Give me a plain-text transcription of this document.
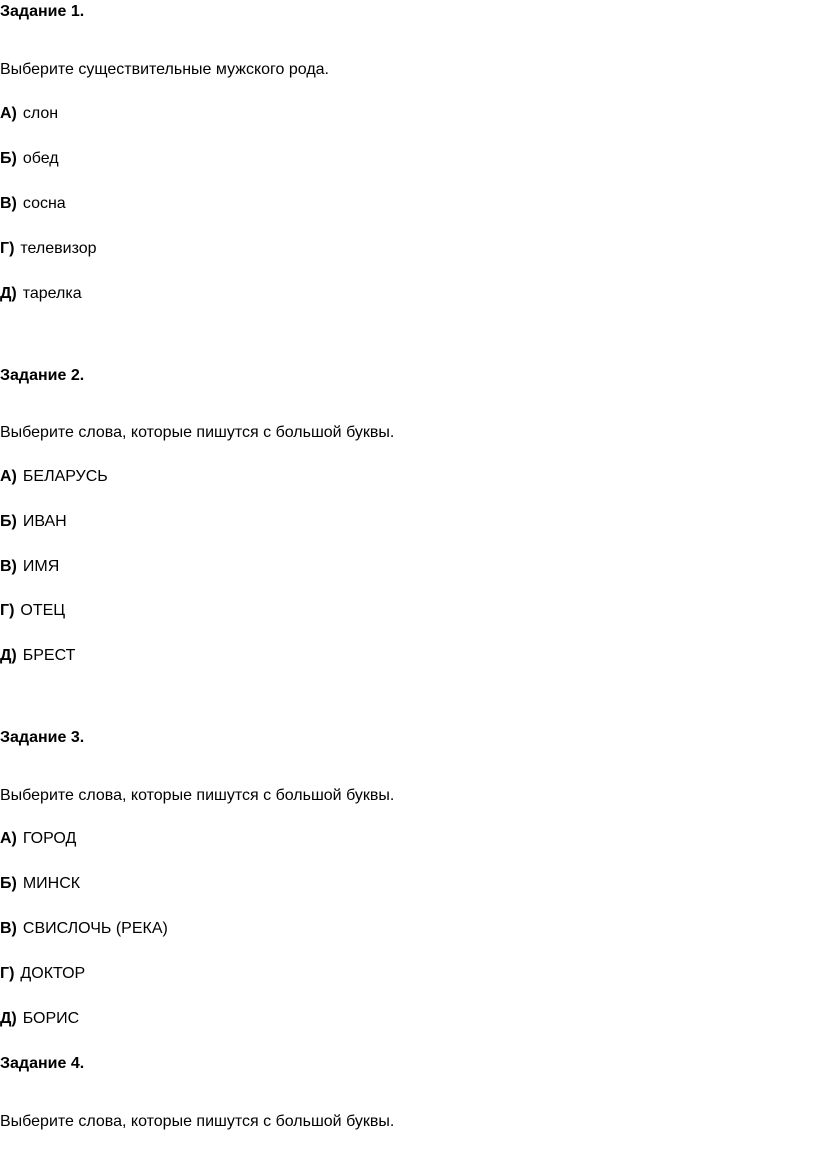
Задание 1.
Выберите существительные мужского рода.
А) слон
Б) обед
В) сосна
Г) телевизор
Д) тарелка
Задание 2.
Выберите слова, которые пишутся с большой буквы.
А) БЕЛАРУСЬ
Б) ИВАН
В) ИМЯ
Г) ОТЕЦ
Д) БРЕСТ
Задание 3.
Выберите слова, которые пишутся с большой буквы.
А) ГОРОД
Б) МИНСК
В) СВИСЛОЧЬ (РЕКА)
Г) ДОКТОР
Д) БОРИС
Задание 4.
Выберите слова, которые пишутся с большой буквы.
